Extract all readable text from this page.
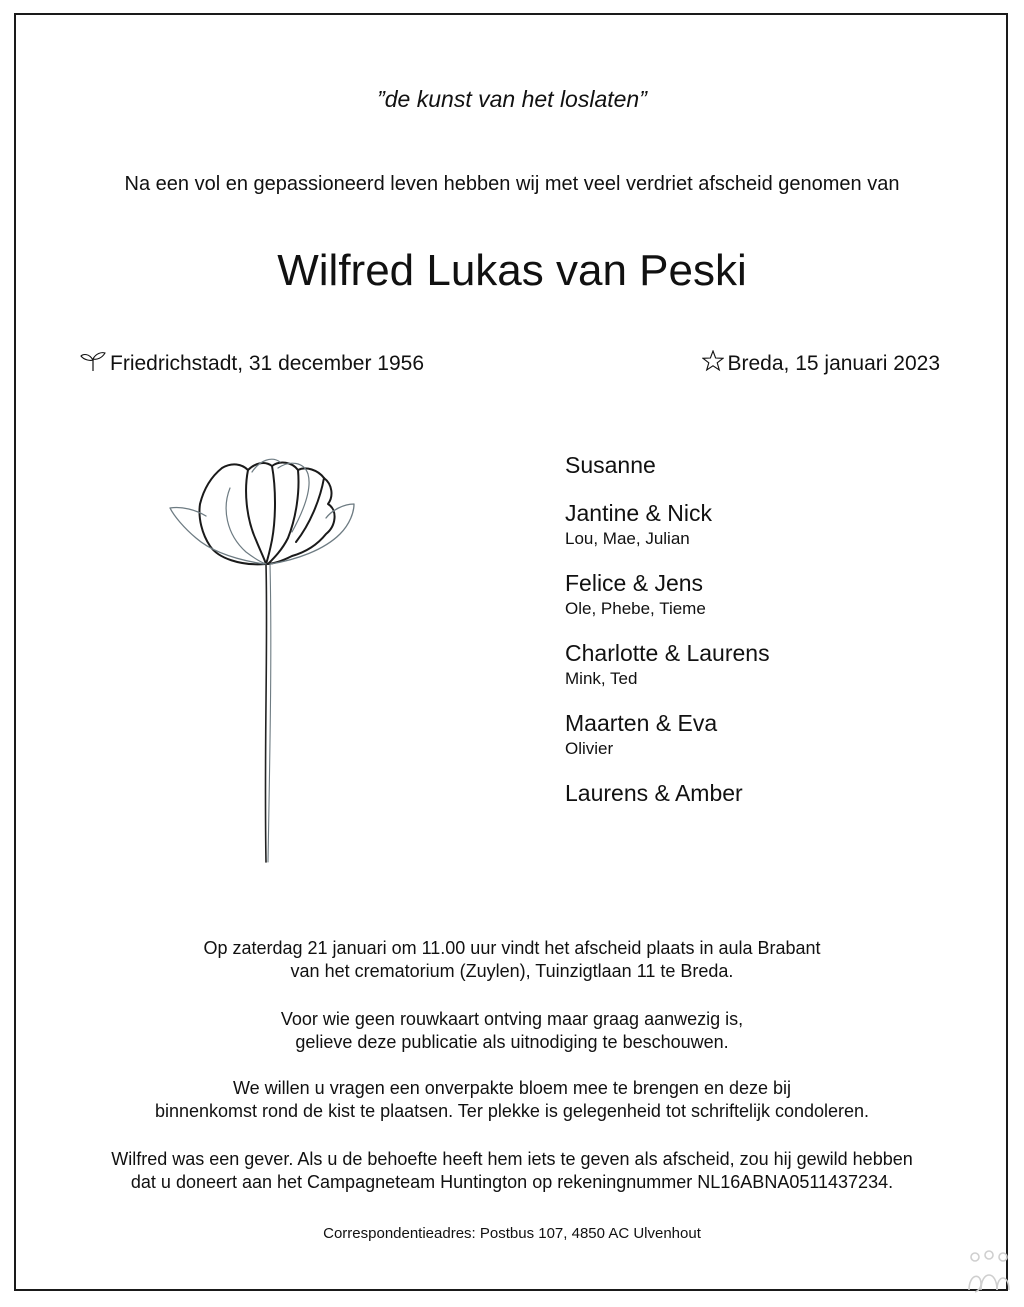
”de kunst van het loslaten”
Na een vol en gepassioneerd leven hebben wij met veel verdriet afscheid genomen van
Wilfred Lukas van Peski
Friedrichstadt, 31 december 1956	Breda, 15 januari 2023
Susanne
Jantine & Nick
Lou, Mae, Julian
Felice & Jens
Ole, Phebe, Tieme
Charlotte & Laurens
Mink, Ted
Maarten & Eva
Olivier
Laurens & Amber
Op zaterdag 21 januari om 11.00 uur vindt het afscheid plaats in aula Brabant
van het crematorium (Zuylen), Tuinzigtlaan 11 te Breda.
Voor wie geen rouwkaart ontving maar graag aanwezig is,
gelieve deze publicatie als uitnodiging te beschouwen.
We willen u vragen een onverpakte bloem mee te brengen en deze bij
binnenkomst rond de kist te plaatsen. Ter plekke is gelegenheid tot schriftelijk condoleren.
Wilfred was een gever. Als u de behoefte heeft hem iets te geven als afscheid, zou hij gewild hebben
dat u doneert aan het Campagneteam Huntington op rekeningnummer NL16ABNA0511437234.
Correspondentieadres: Postbus 107, 4850 AC Ulvenhout
